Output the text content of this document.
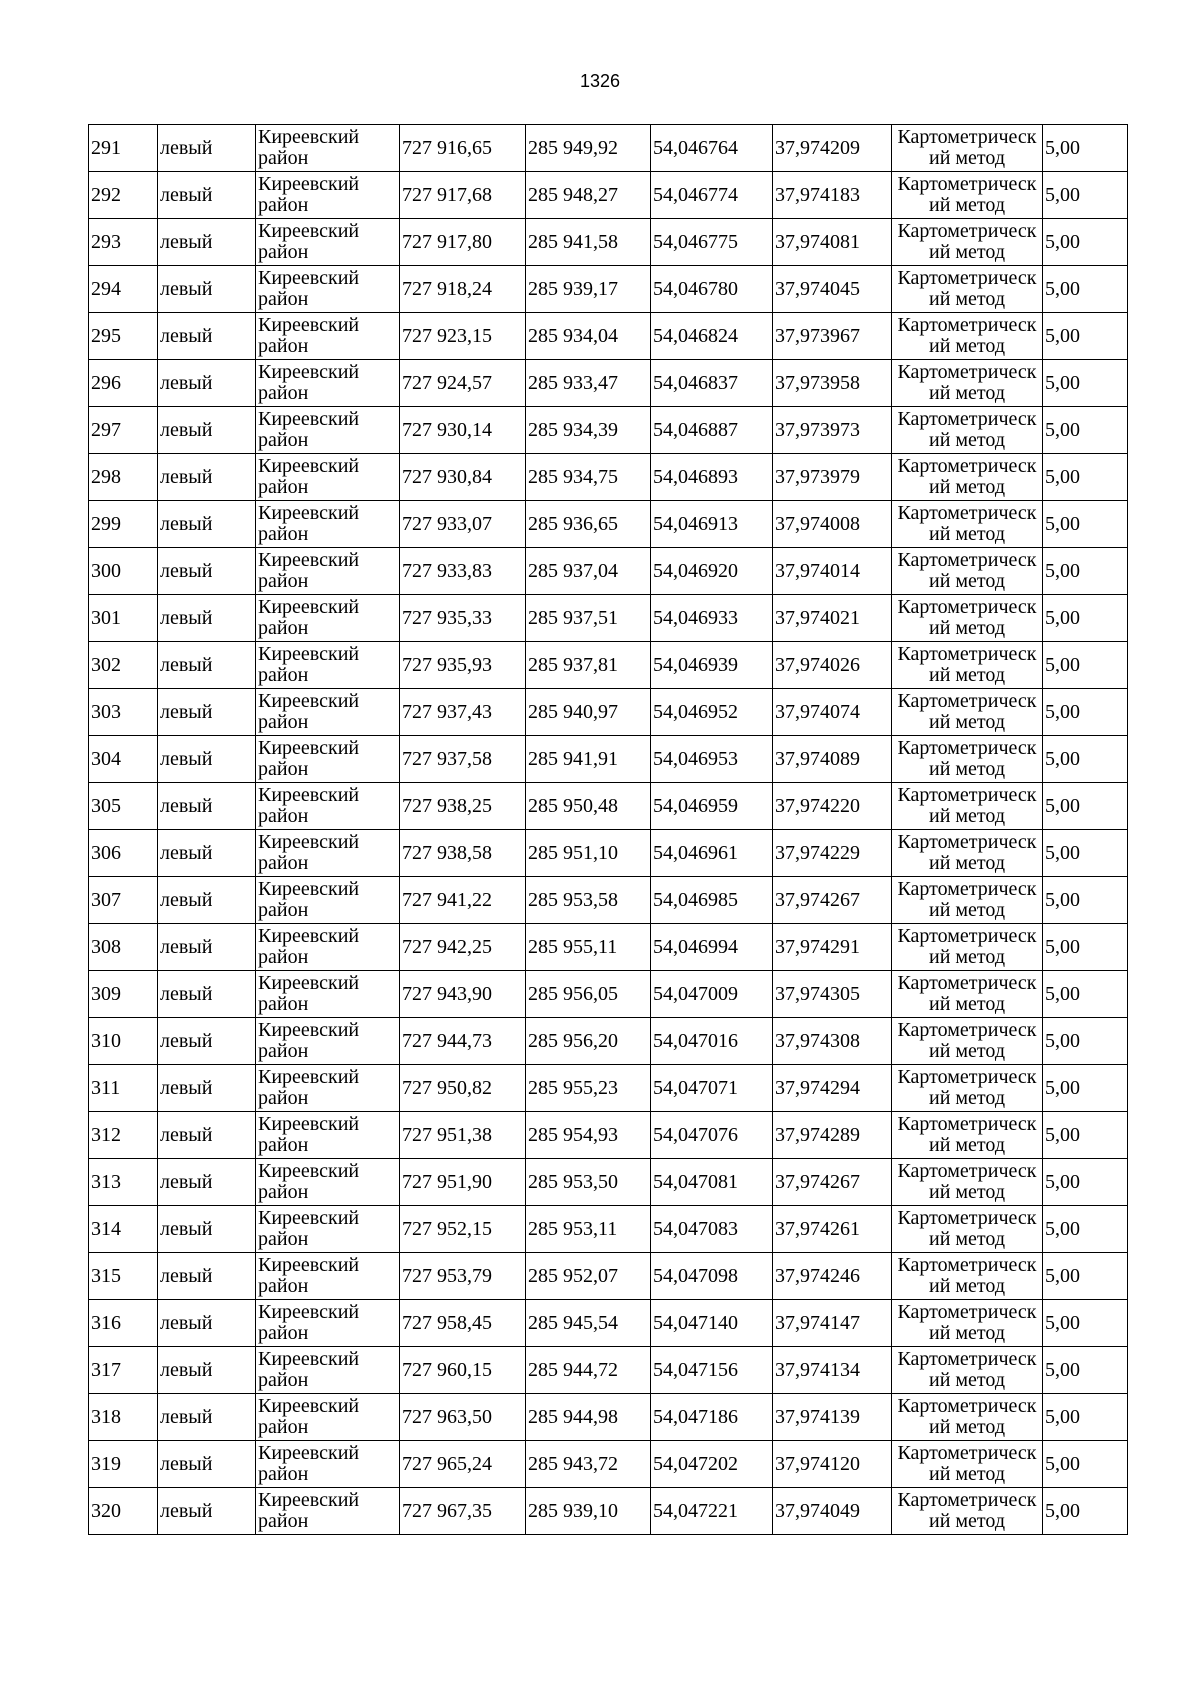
1326
291	левый	Киреевский район	727 916,65	285 949,92	54,046764	37,974209	Картометрическ ий метод	5,00
292	левый	Киреевский район	727 917,68	285 948,27	54,046774	37,974183	Картометрическ ий метод	5,00
293	левый	Киреевский район	727 917,80	285 941,58	54,046775	37,974081	Картометрическ ий метод	5,00
294	левый	Киреевский район	727 918,24	285 939,17	54,046780	37,974045	Картометрическ ий метод	5,00
295	левый	Киреевский район	727 923,15	285 934,04	54,046824	37,973967	Картометрическ ий метод	5,00
296	левый	Киреевский район	727 924,57	285 933,47	54,046837	37,973958	Картометрическ ий метод	5,00
297	левый	Киреевский район	727 930,14	285 934,39	54,046887	37,973973	Картометрическ ий метод	5,00
298	левый	Киреевский район	727 930,84	285 934,75	54,046893	37,973979	Картометрическ ий метод	5,00
299	левый	Киреевский район	727 933,07	285 936,65	54,046913	37,974008	Картометрическ ий метод	5,00
300	левый	Киреевский район	727 933,83	285 937,04	54,046920	37,974014	Картометрическ ий метод	5,00
301	левый	Киреевский район	727 935,33	285 937,51	54,046933	37,974021	Картометрическ ий метод	5,00
302	левый	Киреевский район	727 935,93	285 937,81	54,046939	37,974026	Картометрическ ий метод	5,00
303	левый	Киреевский район	727 937,43	285 940,97	54,046952	37,974074	Картометрическ ий метод	5,00
304	левый	Киреевский район	727 937,58	285 941,91	54,046953	37,974089	Картометрическ ий метод	5,00
305	левый	Киреевский район	727 938,25	285 950,48	54,046959	37,974220	Картометрическ ий метод	5,00
306	левый	Киреевский район	727 938,58	285 951,10	54,046961	37,974229	Картометрическ ий метод	5,00
307	левый	Киреевский район	727 941,22	285 953,58	54,046985	37,974267	Картометрическ ий метод	5,00
308	левый	Киреевский район	727 942,25	285 955,11	54,046994	37,974291	Картометрическ ий метод	5,00
309	левый	Киреевский район	727 943,90	285 956,05	54,047009	37,974305	Картометрическ ий метод	5,00
310	левый	Киреевский район	727 944,73	285 956,20	54,047016	37,974308	Картометрическ ий метод	5,00
311	левый	Киреевский район	727 950,82	285 955,23	54,047071	37,974294	Картометрическ ий метод	5,00
312	левый	Киреевский район	727 951,38	285 954,93	54,047076	37,974289	Картометрическ ий метод	5,00
313	левый	Киреевский район	727 951,90	285 953,50	54,047081	37,974267	Картометрическ ий метод	5,00
314	левый	Киреевский район	727 952,15	285 953,11	54,047083	37,974261	Картометрическ ий метод	5,00
315	левый	Киреевский район	727 953,79	285 952,07	54,047098	37,974246	Картометрическ ий метод	5,00
316	левый	Киреевский район	727 958,45	285 945,54	54,047140	37,974147	Картометрическ ий метод	5,00
317	левый	Киреевский район	727 960,15	285 944,72	54,047156	37,974134	Картометрическ ий метод	5,00
318	левый	Киреевский район	727 963,50	285 944,98	54,047186	37,974139	Картометрическ ий метод	5,00
319	левый	Киреевский район	727 965,24	285 943,72	54,047202	37,974120	Картометрическ ий метод	5,00
320	левый	Киреевский район	727 967,35	285 939,10	54,047221	37,974049	Картометрическ ий метод	5,00
